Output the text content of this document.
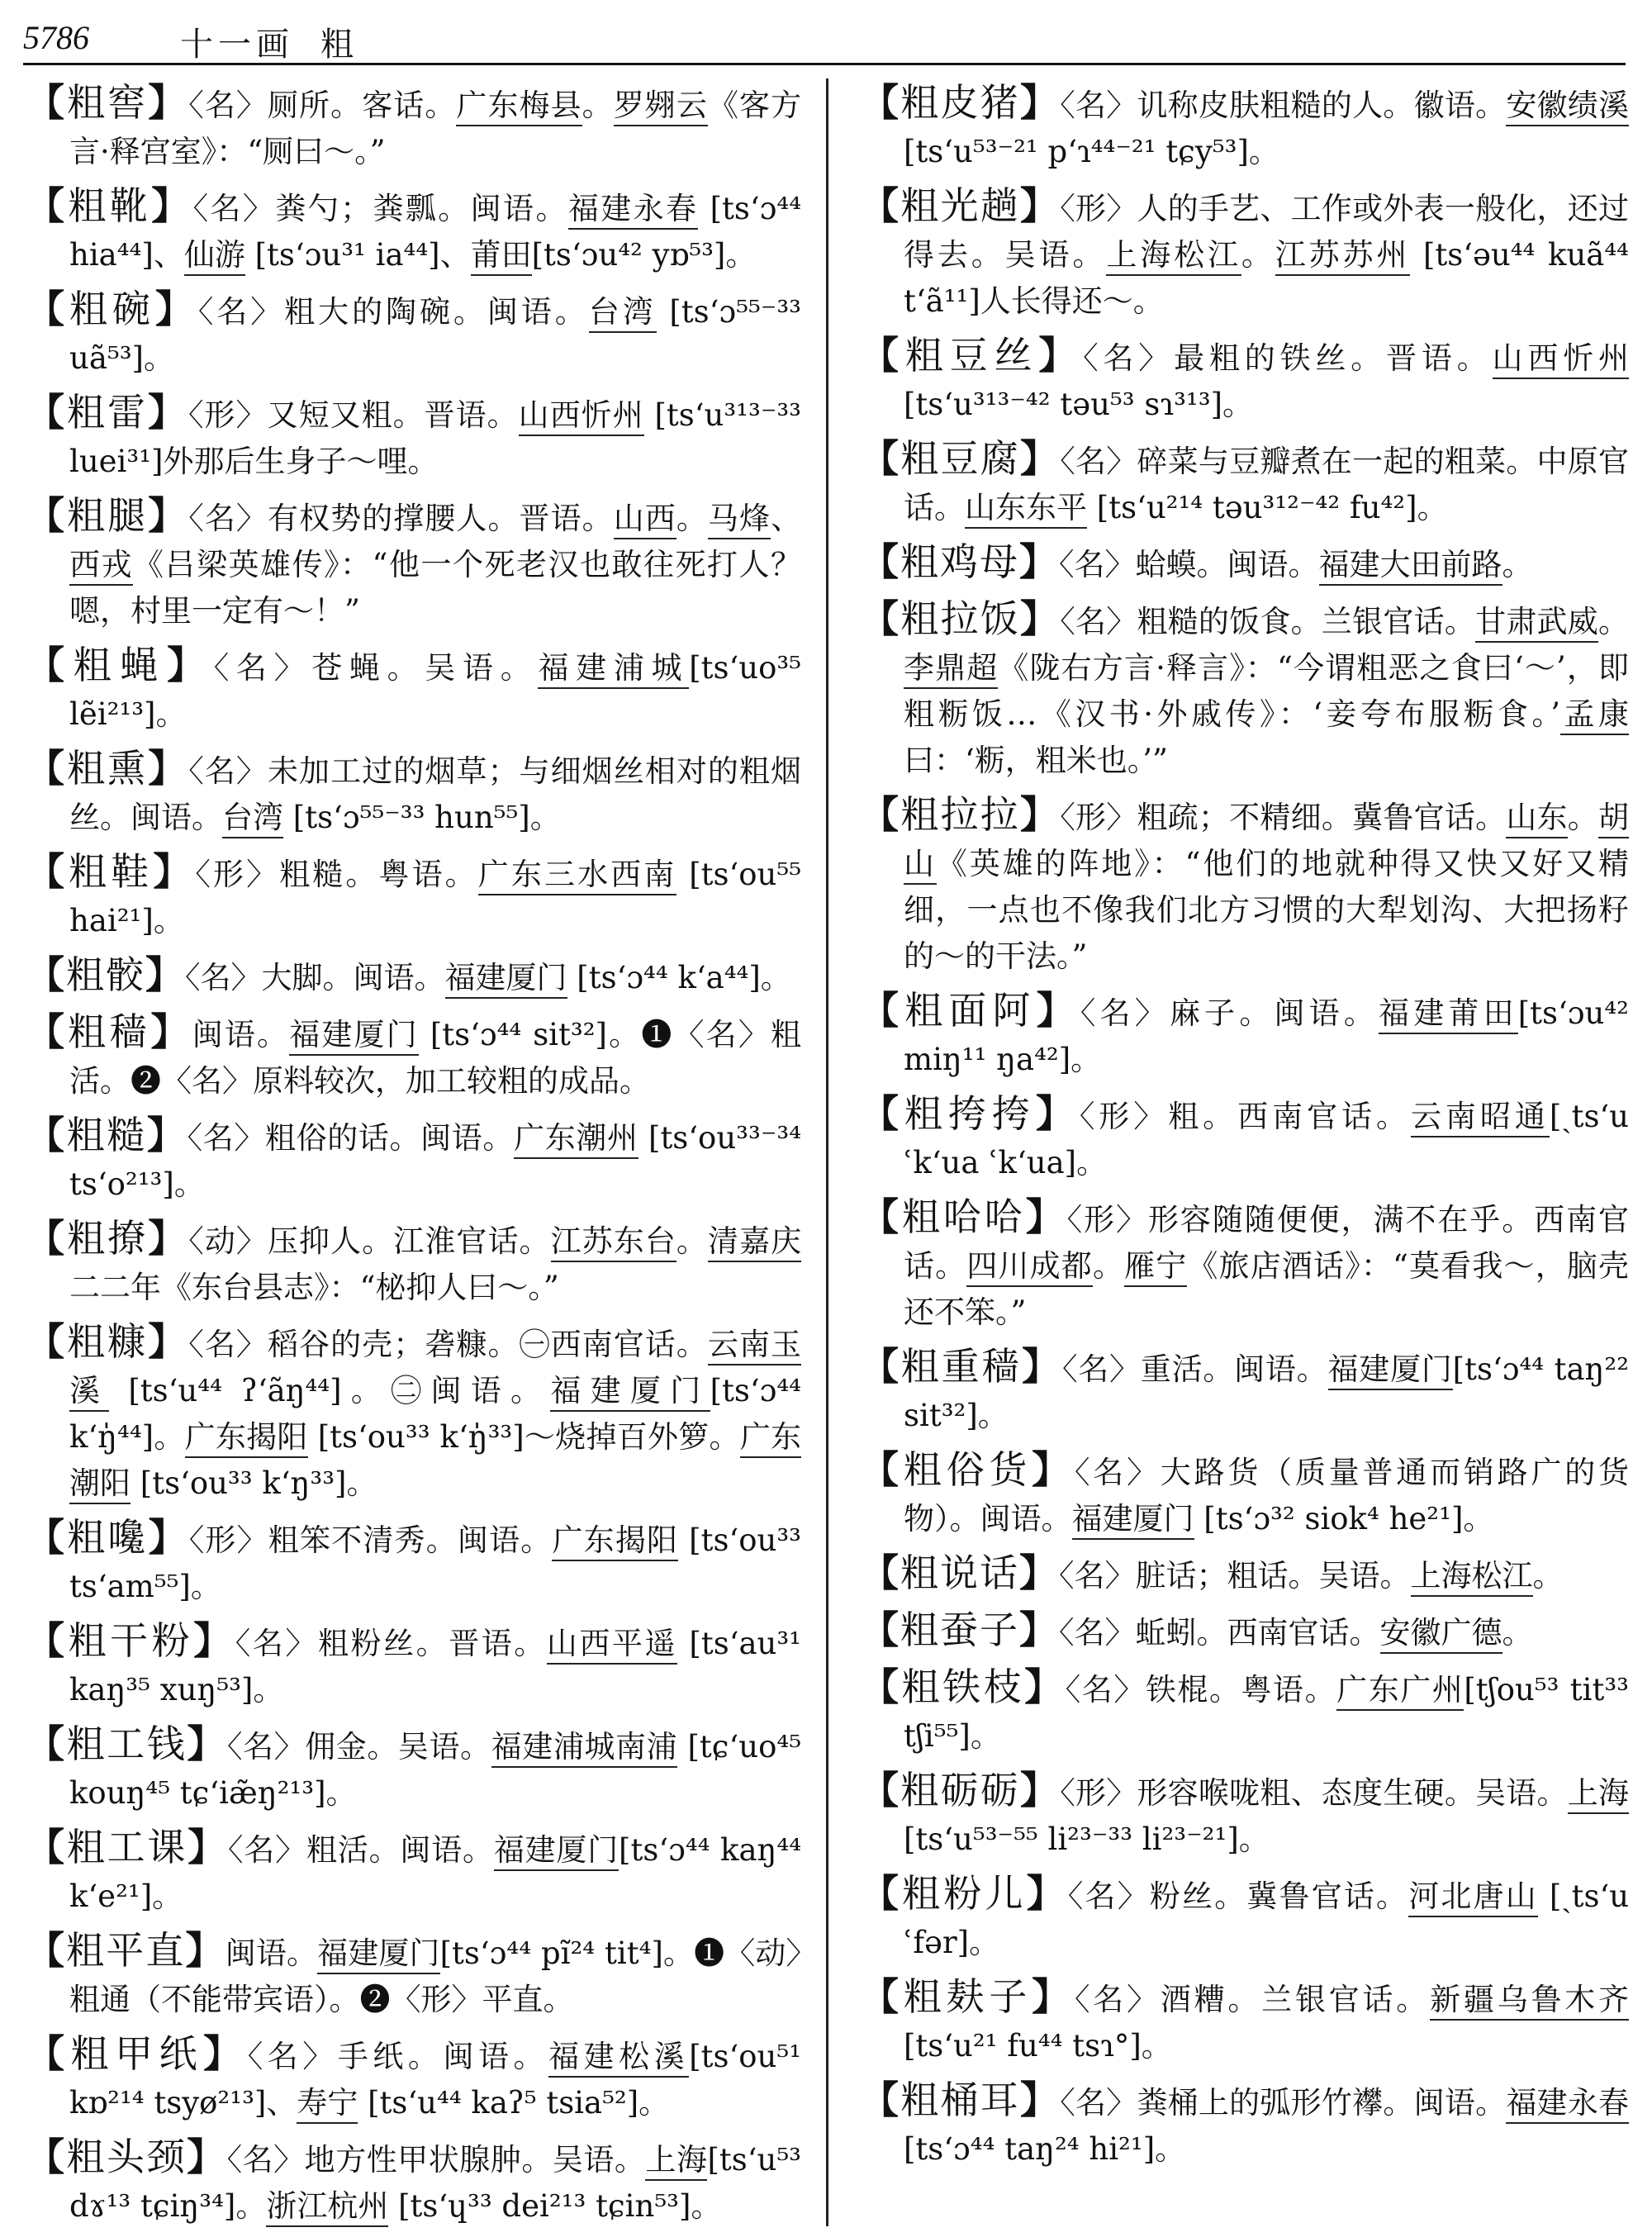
5786	十一画 粗
【 粗窖 】 〈名〉厕所。客话。广东梅县。罗翙云《客方言·释宫室》：“厕曰～。”
【 粗靴 】 〈名〉粪勺；粪瓢。闽语。福建永春 [tsʻɔ⁴⁴ hia⁴⁴]、仙游 [tsʻɔu³¹ ia⁴⁴]、莆田[tsʻɔu⁴² yɒ⁵³]。
【 粗碗 】 〈名〉粗大的陶碗。闽语。台湾 [tsʻɔ⁵⁵⁻³³ uã⁵³]。
【 粗雷 】 〈形〉又短又粗。晋语。山西忻州 [tsʻu³¹³⁻³³ luei³¹]外那后生身子～哩。
【 粗腿 】 〈名〉有权势的撑腰人。晋语。山西。马烽、西戎《吕梁英雄传》：“他一个死老汉也敢往死打人？嗯，村里一定有～！”
【 粗蝇 】 〈名〉苍蝇。吴语。福建浦城[tsʻuo³⁵ lẽi²¹³]。
【 粗熏 】 〈名〉未加工过的烟草；与细烟丝相对的粗烟丝。闽语。台湾 [tsʻɔ⁵⁵⁻³³ hun⁵⁵]。
【 粗鞋 】 〈形〉粗糙。粤语。广东三水西南 [tsʻou⁵⁵ hai²¹]。
【 粗骹 】 〈名〉大脚。闽语。福建厦门 [tsʻɔ⁴⁴ kʻa⁴⁴]。
【 粗穑 】 闽语。福建厦门 [tsʻɔ⁴⁴ sit³²]。❶〈名〉粗活。❷〈名〉原料较次，加工较粗的成品。
【 粗糙 】 〈名〉粗俗的话。闽语。广东潮州 [tsʻou³³⁻³⁴ tsʻo²¹³]。
【 粗撩 】 〈动〉压抑人。江淮官话。江苏东台。清嘉庆二二年《东台县志》：“柲抑人曰～。”
【 粗糠 】 〈名〉稻谷的壳；砻糠。㊀西南官话。云南玉溪 [tsʻu⁴⁴ ʔʻãŋ⁴⁴]。㊁闽语。福建厦门[tsʻɔ⁴⁴ kʻŋ̍⁴⁴]。广东揭阳 [tsʻou³³ kʻŋ̍³³]～烧掉百外箩。广东潮阳 [tsʻou³³ kʻŋ³³]。
【 粗嚵 】 〈形〉粗笨不清秀。闽语。广东揭阳 [tsʻou³³ tsʻam⁵⁵]。
【 粗干粉 】 〈名〉粗粉丝。晋语。山西平遥 [tsʻau³¹ kaŋ³⁵ xuŋ⁵³]。
【 粗工钱 】 〈名〉佣金。吴语。福建浦城南浦 [tɕʻuo⁴⁵ kouŋ⁴⁵ tɕʻiæ̃ŋ²¹³]。
【 粗工课 】 〈名〉粗活。闽语。福建厦门[tsʻɔ⁴⁴ kaŋ⁴⁴ kʻe²¹]。
【 粗平直 】 闽语。福建厦门[tsʻɔ⁴⁴ pĩ²⁴ tit⁴]。❶〈动〉粗通（不能带宾语）。❷〈形〉平直。
【 粗甲纸 】 〈名〉手纸。闽语。福建松溪[tsʻou⁵¹ kɒ²¹⁴ tsyø²¹³]、寿宁 [tsʻu⁴⁴ kaʔ⁵ tsia⁵²]。
【 粗头颈 】 〈名〉地方性甲状腺肿。吴语。上海[tsʻu⁵³ dɤ¹³ tɕiŋ³⁴]。浙江杭州 [tsʻɥ³³ dei²¹³ tɕin⁵³]。
【 粗皮猪 】 〈名〉讥称皮肤粗糙的人。徽语。安徽绩溪 [tsʻu⁵³⁻²¹ pʻɿ⁴⁴⁻²¹ tɕy⁵³]。
【 粗光趟 】 〈形〉人的手艺、工作或外表一般化，还过得去。吴语。上海松江。江苏苏州 [tsʻəu⁴⁴ kuã⁴⁴ tʻã¹¹]人长得还～。
【 粗豆丝 】 〈名〉最粗的铁丝。晋语。山西忻州 [tsʻu³¹³⁻⁴² təu⁵³ sɿ³¹³]。
【 粗豆腐 】 〈名〉碎菜与豆瓣煮在一起的粗菜。中原官话。山东东平 [tsʻu²¹⁴ təu³¹²⁻⁴² fu⁴²]。
【 粗鸡母 】 〈名〉蛤蟆。闽语。福建大田前路。
【 粗拉饭 】 〈名〉粗糙的饭食。兰银官话。甘肃武威。李鼎超《陇右方言·释言》：“今谓粗恶之食曰‘～’，即粗粝饭…《汉书·外戚传》：‘妾夸布服粝食。’孟康曰：‘粝，粗米也。’”
【 粗拉拉 】 〈形〉粗疏；不精细。冀鲁官话。山东。胡山《英雄的阵地》：“他们的地就种得又快又好又精细，一点也不像我们北方习惯的大犁划沟、大把扬籽的～的干法。”
【 粗面阿 】 〈名〉麻子。闽语。福建莆田[tsʻɔu⁴² miŋ¹¹ ŋa⁴²]。
【 粗挎挎 】 〈形〉粗。西南官话。云南昭通[ˏtsʻu ʿkʻua ʿkʻua]。
【 粗哈哈 】 〈形〉形容随随便便，满不在乎。西南官话。四川成都。雁宁《旅店酒话》：“莫看我～，脑壳还不笨。”
【 粗重穑 】 〈名〉重活。闽语。福建厦门[tsʻɔ⁴⁴ taŋ²² sit³²]。
【 粗俗货 】 〈名〉大路货（质量普通而销路广的货物）。闽语。福建厦门 [tsʻɔ³² siok⁴ he²¹]。
【 粗说话 】 〈名〉脏话；粗话。吴语。上海松江。
【 粗蚕子 】 〈名〉蚯蚓。西南官话。安徽广德。
【 粗铁枝 】 〈名〉铁棍。粤语。广东广州[tʃou⁵³ tit³³ tʃi⁵⁵]。
【 粗砺砺 】 〈形〉形容喉咙粗、态度生硬。吴语。上海 [tsʻu⁵³⁻⁵⁵ li²³⁻³³ li²³⁻²¹]。
【 粗粉儿 】 〈名〉粉丝。冀鲁官话。河北唐山 [ˏtsʻu ʿfər]。
【 粗麸子 】 〈名〉酒糟。兰银官话。新疆乌鲁木齐[tsʻu²¹ fu⁴⁴ tsɿ°]。
【 粗桶耳 】 〈名〉粪桶上的弧形竹襻。闽语。福建永春 [tsʻɔ⁴⁴ taŋ²⁴ hi²¹]。
